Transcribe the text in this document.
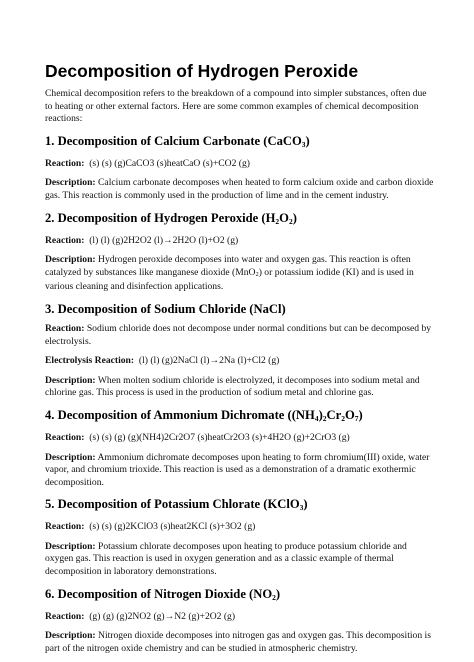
Decomposition of Hydrogen Peroxide

Chemical decomposition refers to the breakdown of a compound into simpler substances, often due to heating or other external factors. Here are some common examples of chemical decomposition reactions:

1. Decomposition of Calcium Carbonate (CaCO$_3$)

Reaction: (s) (s) (g)CaCO3 (s)heatCaO (s)+CO2 (g)

Description: Calcium carbonate decomposes when heated to form calcium oxide and carbon dioxide gas. This reaction is commonly used in the production of lime and in the cement industry.

2. Decomposition of Hydrogen Peroxide $(H_2O_2)$

Reaction: (l) (l) (g)2H2O2 (l)→2H2O (l)+O2 (g)

Description: Hydrogen peroxide decomposes into water and oxygen gas. This reaction is often catalyzed by substances like manganese dioxide (MnO$_2$) or potassium iodide (KI) and is used in various cleaning and disinfection applications.

3. Decomposition of Sodium Chloride (NaCl)

Reaction: Sodium chloride does not decompose under normal conditions but can be decomposed by electrolysis.

Electrolysis Reaction: (l) (l) (g)2NaCl (l)→2Na (l)+Cl2 (g)

Description: When molten sodium chloride is electrolyzed, it decomposes into sodium metal and chlorine gas. This process is used in the production of sodium metal and chlorine gas.

4. Decomposition of Ammonium Dichromate $((NH_4)_2Cr_2O_7)$

Reaction: (s) (s) (g) (g)(NH4)2Cr2O7 (s)heatCr2O3 (s)+4H2O (g)+2CrO3 (g)

Description: Ammonium dichromate decomposes upon heating to form chromium(III) oxide, water vapor, and chromium trioxide. This reaction is used as a demonstration of a dramatic exothermic decomposition.

5. Decomposition of Potassium Chlorate (KClO$_3$)

Reaction: (s) (s) (g)2KClO3 (s)heat2KCl (s)+3O2 (g)

Description: Potassium chlorate decomposes upon heating to produce potassium chloride and oxygen gas. This reaction is used in oxygen generation and as a classic example of thermal decomposition in laboratory demonstrations.

6. Decomposition of Nitrogen Dioxide $(NO_2)$

Reaction: (g) (g) (g)2NO2 (g)→N2 (g)+2O2 (g)

Description: Nitrogen dioxide decomposes into nitrogen gas and oxygen gas. This decomposition is part of the nitrogen oxide chemistry and can be studied in atmospheric chemistry.
